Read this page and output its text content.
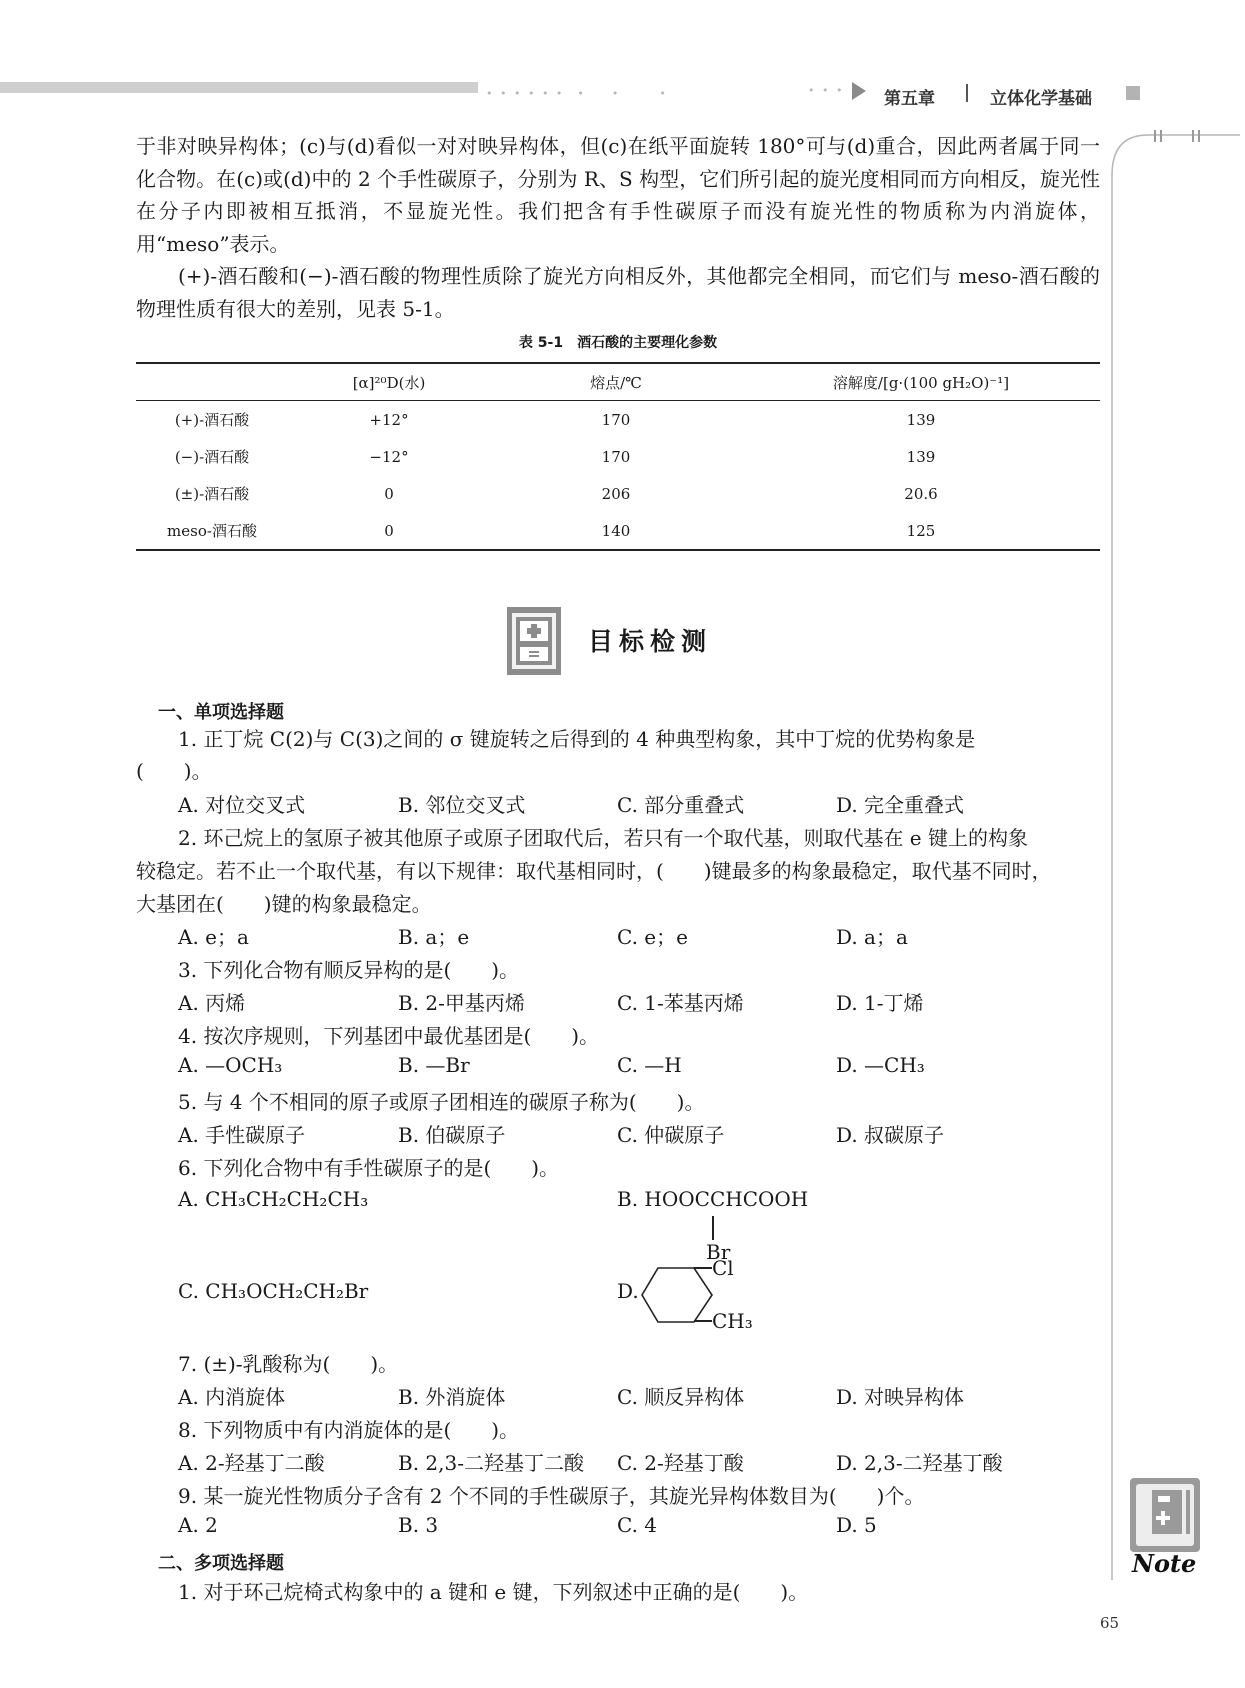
• • • • • •　•　　•　　　•	• • • 第五章	立体化学基础
于非对映异构体；(c)与(d)看似一对对映异构体，但(c)在纸平面旋转 180°可与(d)重合，因此两者属于同一化合物。在(c)或(d)中的 2 个手性碳原子，分别为 R、S 构型，它们所引起的旋光度相同而方向相反，旋光性在分子内即被相互抵消，不显旋光性。我们把含有手性碳原子而没有旋光性的物质称为内消旋体，用“meso”表示。
(+)-酒石酸和(−)-酒石酸的物理性质除了旋光方向相反外，其他都完全相同，而它们与 meso-酒石酸的物理性质有很大的差别，见表 5-1。
表 5-1　酒石酸的主要理化参数
	[α]²⁰D(水)	熔点/℃	溶解度/[g·(100 gH₂O)⁻¹]
(+)-酒石酸	+12°	170	139
(−)-酒石酸	−12°	170	139
(±)-酒石酸	0	206	20.6
meso-酒石酸	0	140	125
目标检测
一、单项选择题
1. 正丁烷 C(2)与 C(3)之间的 σ 键旋转之后得到的 4 种典型构象，其中丁烷的优势构象是
(　　)。
A. 对位交叉式	B. 邻位交叉式	C. 部分重叠式	D. 完全重叠式
2. 环己烷上的氢原子被其他原子或原子团取代后，若只有一个取代基，则取代基在 e 键上的构象
较稳定。若不止一个取代基，有以下规律：取代基相同时，(　　)键最多的构象最稳定，取代基不同时，
大基团在(　　)键的构象最稳定。
A. e；a	B. a；e	C. e；e	D. a；a
3. 下列化合物有顺反异构的是(　　)。
A. 丙烯	B. 2-甲基丙烯	C. 1-苯基丙烯	D. 1-丁烯
4. 按次序规则，下列基团中最优基团是(　　)。
A. —OCH₃	B. —Br	C. —H	D. —CH₃
5. 与 4 个不相同的原子或原子团相连的碳原子称为(　　)。
A. 手性碳原子	B. 伯碳原子	C. 仲碳原子	D. 叔碳原子
6. 下列化合物中有手性碳原子的是(　　)。
A. CH₃CH₂CH₂CH₃	B. HOOCCHCOOH
Br
C. CH₃OCH₂CH₂Br	D.
Cl
CH₃
7. (±)-乳酸称为(　　)。
A. 内消旋体	B. 外消旋体	C. 顺反异构体	D. 对映异构体
8. 下列物质中有内消旋体的是(　　)。
A. 2-羟基丁二酸	B. 2,3-二羟基丁二酸 C. 2-羟基丁酸	D. 2,3-二羟基丁酸
9. 某一旋光性物质分子含有 2 个不同的手性碳原子，其旋光异构体数目为(　　)个。
A. 2	B. 3	C. 4	D. 5
二、多项选择题
1. 对于环己烷椅式构象中的 a 键和 e 键，下列叙述中正确的是(　　)。
Note
65
